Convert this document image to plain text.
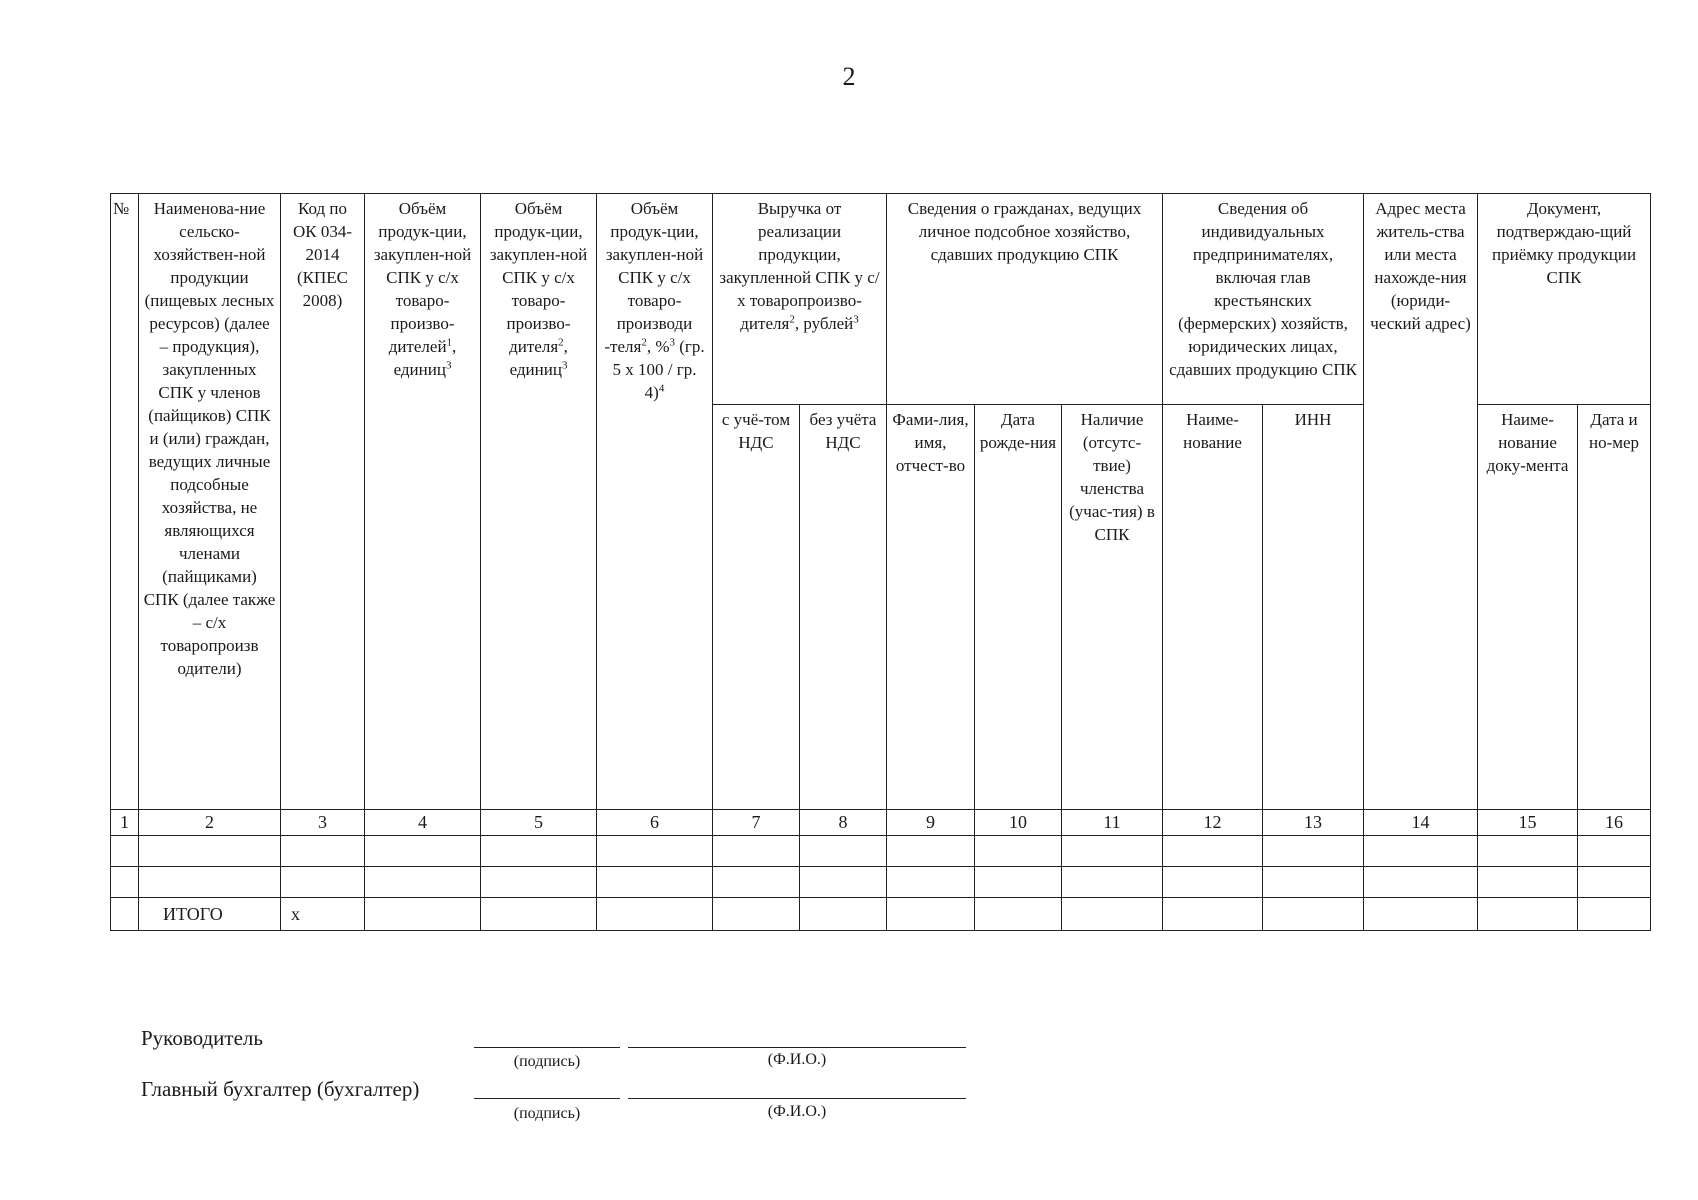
2
№	Наименова-ние сельско-хозяйствен-ной продукции (пищевых лесных ресурсов) (далее – продукция), закупленных СПК у членов (пайщиков) СПК и (или) граждан, ведущих личные подсобные хозяйства, не являющихся членами (пайщиками) СПК (далее также – с/х товаропроизв одители)	Код по ОК 034-2014 (КПЕС 2008)	Объём продук-ции, закуплен-ной СПК у с/х товаро-произво-дителей$^1$, единиц$^3$	Объём продук-ции, закуплен-ной СПК у с/х товаро-произво-дителя$^2$, единиц$^3$	Объём продук-ции, закуплен-ной СПК у с/х товаро-производи -теля$^2$, %$^3$ (гр. 5 x 100 / гр. 4)$^4$	Выручка от реализации продукции, закупленной СПК у с/х товаропроизво-дителя$^2$, рублей$^3$		Сведения о гражданах, ведущих личное подсобное хозяйство, сдавших продукцию СПК			Сведения об индивидуальных предпринимателях, включая глав крестьянских (фермерских) хозяйств, юридических лицах, сдавших продукцию СПК		Адрес места житель-ства или места нахожде-ния (юриди-ческий адрес)	Документ, подтверждаю-щий приёмку продукции СПК	
						с учё-том НДС	без учёта НДС	Фами-лия, имя, отчест-во	Дата рожде-ния	Наличие (отсутс-твие) членства (учас-тия) в СПК	Наиме-нование	ИНН		Наиме-нование доку-мента	Дата и но-мер
1	2	3	4	5	6	7	8	9	10	11	12	13	14	15	16

	ИТОГО	x													
Руководитель
(подпись)	(Ф.И.О.)
Главный бухгалтер (бухгалтер)
(подпись)	(Ф.И.О.)
